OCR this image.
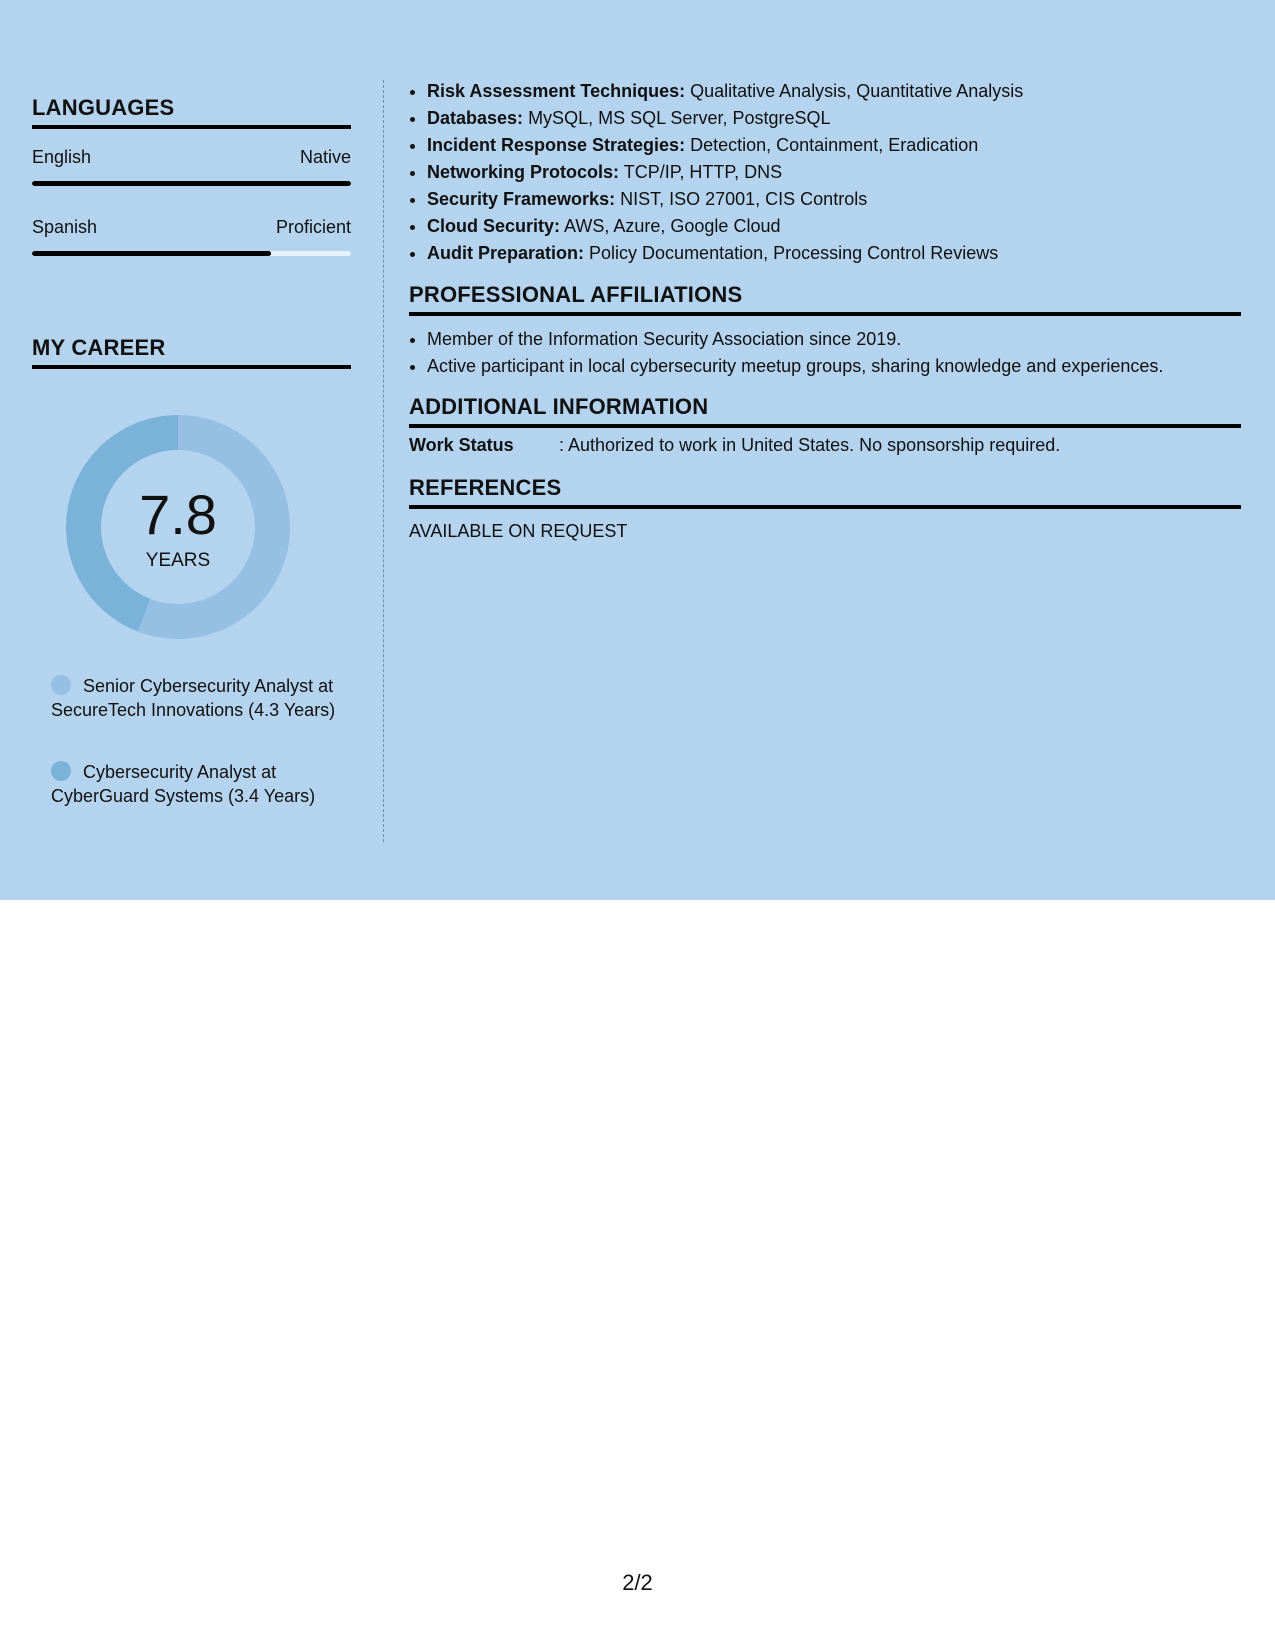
LANGUAGES
English	Native
Spanish	Proficient
MY CAREER
7.8
YEARS
Senior Cybersecurity Analyst at SecureTech Innovations (4.3 Years)
Cybersecurity Analyst at CyberGuard Systems (3.4 Years)
• Risk Assessment Techniques: Qualitative Analysis, Quantitative Analysis
• Databases: MySQL, MS SQL Server, PostgreSQL
• Incident Response Strategies: Detection, Containment, Eradication
• Networking Protocols: TCP/IP, HTTP, DNS
• Security Frameworks: NIST, ISO 27001, CIS Controls
• Cloud Security: AWS, Azure, Google Cloud
• Audit Preparation: Policy Documentation, Processing Control Reviews
PROFESSIONAL AFFILIATIONS
• Member of the Information Security Association since 2019.
• Active participant in local cybersecurity meetup groups, sharing knowledge and experiences.
ADDITIONAL INFORMATION
Work Status	: Authorized to work in United States. No sponsorship required.
REFERENCES
AVAILABLE ON REQUEST
2/2
